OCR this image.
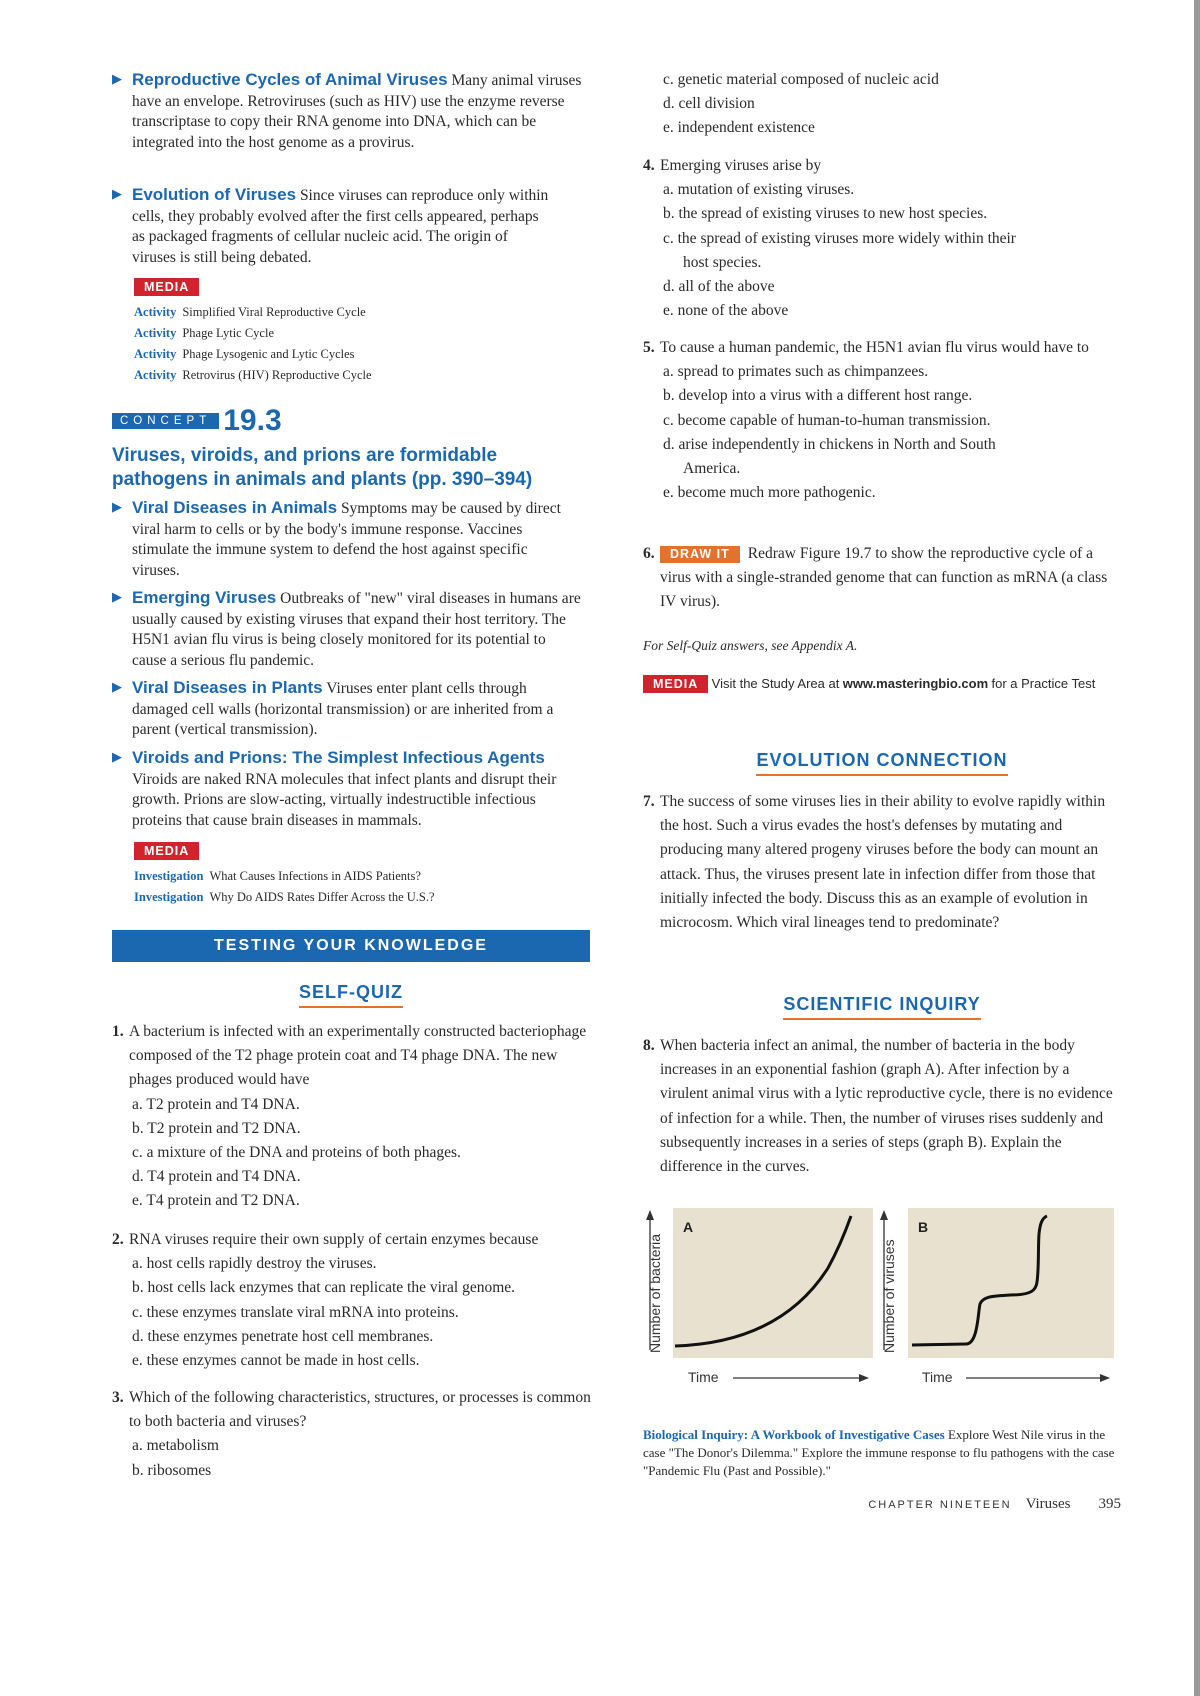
▶ Reproductive Cycles of Animal Viruses Many animal viruses have an envelope. Retroviruses (such as HIV) use the enzyme reverse transcriptase to copy their RNA genome into DNA, which can be integrated into the host genome as a provirus.
▶ Evolution of Viruses Since viruses can reproduce only within cells, they probably evolved after the first cells appeared, perhaps as packaged fragments of cellular nucleic acid. The origin of viruses is still being debated.
MEDIA
Activity Simplified Viral Reproductive Cycle
Activity Phage Lytic Cycle
Activity Phage Lysogenic and Lytic Cycles
Activity Retrovirus (HIV) Reproductive Cycle
CONCEPT 19.3
Viruses, viroids, and prions are formidable pathogens in animals and plants (pp. 390–394)
▶ Viral Diseases in Animals Symptoms may be caused by direct viral harm to cells or by the body's immune response. Vaccines stimulate the immune system to defend the host against specific viruses.
▶ Emerging Viruses Outbreaks of "new" viral diseases in humans are usually caused by existing viruses that expand their host territory. The H5N1 avian flu virus is being closely monitored for its potential to cause a serious flu pandemic.
▶ Viral Diseases in Plants Viruses enter plant cells through damaged cell walls (horizontal transmission) or are inherited from a parent (vertical transmission).
▶ Viroids and Prions: The Simplest Infectious Agents Viroids are naked RNA molecules that infect plants and disrupt their growth. Prions are slow-acting, virtually indestructible infectious proteins that cause brain diseases in mammals.
MEDIA
Investigation What Causes Infections in AIDS Patients?
Investigation Why Do AIDS Rates Differ Across the U.S.?
TESTING YOUR KNOWLEDGE
SELF-QUIZ
1. A bacterium is infected with an experimentally constructed bacteriophage composed of the T2 phage protein coat and T4 phage DNA. The new phages produced would have
a. T2 protein and T4 DNA.
b. T2 protein and T2 DNA.
c. a mixture of the DNA and proteins of both phages.
d. T4 protein and T4 DNA.
e. T4 protein and T2 DNA.
2. RNA viruses require their own supply of certain enzymes because
a. host cells rapidly destroy the viruses.
b. host cells lack enzymes that can replicate the viral genome.
c. these enzymes translate viral mRNA into proteins.
d. these enzymes penetrate host cell membranes.
e. these enzymes cannot be made in host cells.
3. Which of the following characteristics, structures, or processes is common to both bacteria and viruses?
a. metabolism
b. ribosomes
c. genetic material composed of nucleic acid
d. cell division
e. independent existence
4. Emerging viruses arise by
a. mutation of existing viruses.
b. the spread of existing viruses to new host species.
c. the spread of existing viruses more widely within their
host species.
d. all of the above
e. none of the above
5. To cause a human pandemic, the H5N1 avian flu virus would have to
a. spread to primates such as chimpanzees.
b. develop into a virus with a different host range.
c. become capable of human-to-human transmission.
d. arise independently in chickens in North and South
America.
e. become much more pathogenic.
6.	DRAW IT Redraw Figure 19.7 to show the reproductive cycle of a virus with a single-stranded genome that can function as mRNA (a class IV virus).
For Self-Quiz answers, see Appendix A.
MEDIA Visit the Study Area at www.masteringbio.com for a Practice Test
EVOLUTION CONNECTION
7. The success of some viruses lies in their ability to evolve rapidly within the host. Such a virus evades the host's defenses by mutating and producing many altered progeny viruses before the body can mount an attack. Thus, the viruses present late in infection differ from those that initially infected the body. Discuss this as an example of evolution in microcosm. Which viral lineages tend to predominate?
SCIENTIFIC INQUIRY
8. When bacteria infect an animal, the number of bacteria in the body increases in an exponential fashion (graph A). After infection by a virulent animal virus with a lytic reproductive cycle, there is no evidence of infection for a while. Then, the number of viruses rises suddenly and subsequently increases in a series of steps (graph B). Explain the difference in the curves.
Number of bacteria
A
Time
Number of viruses
B
Time
Biological Inquiry: A Workbook of Investigative Cases Explore West Nile virus in the case "The Donor's Dilemma." Explore the immune response to flu pathogens with the case "Pandemic Flu (Past and Possible)."
CHAPTER NINETEEN Viruses 395
